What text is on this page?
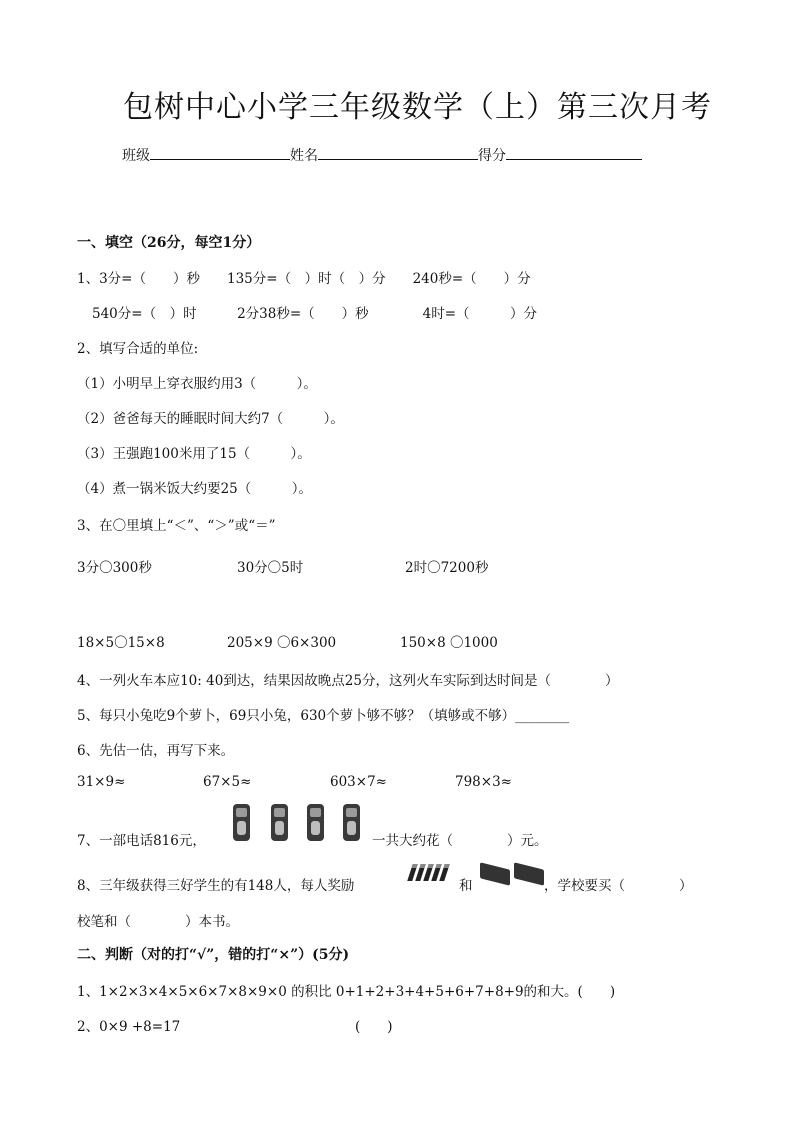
包树中心小学三年级数学（上）第三次月考
班级	姓名	得分
一、填空（26分，每空1分）
1、3分=（　　）秒　　135分=（　）时（　）分　　240秒=（　　）分
540分=（　）时　　　2分38秒=（　　）秒　　　　4时=（　　　）分
2、填写合适的单位:
（1）小明早上穿衣服约用3（　　　）。
（2）爸爸每天的睡眠时间大约7（　　　）。
（3）王强跑100米用了15（　　　）。
（4）煮一锅米饭大约要25（　　　）。
3、在〇里填上“＜”、“＞”或“＝”
3分〇300秒	30分〇5时	2时〇7200秒
18×5〇15×8	205×9 〇6×300	150×8 〇1000
4、一列火车本应10: 40到达，结果因故晚点25分，这列火车实际到达时间是（　　　　）
5、每只小兔吃9个萝卜，69只小兔，630个萝卜够不够？（填够或不够）________
6、先估一估，再写下来。
31×9≈	67×5≈	603×7≈	798×3≈
7、一部电话816元，	一共大约花（　　　　）元。
8、三年级获得三好学生的有148人，每人奖励	和	，学校要买（　　　　）
校笔和（　　　　）本书。
二、判断（对的打“√”，错的打“×”）(5分)
1、1×2×3×4×5×6×7×8×9×0 的积比 0+1+2+3+4+5+6+7+8+9的和大。(　　)
2、0×9 +8=17	(　　)
